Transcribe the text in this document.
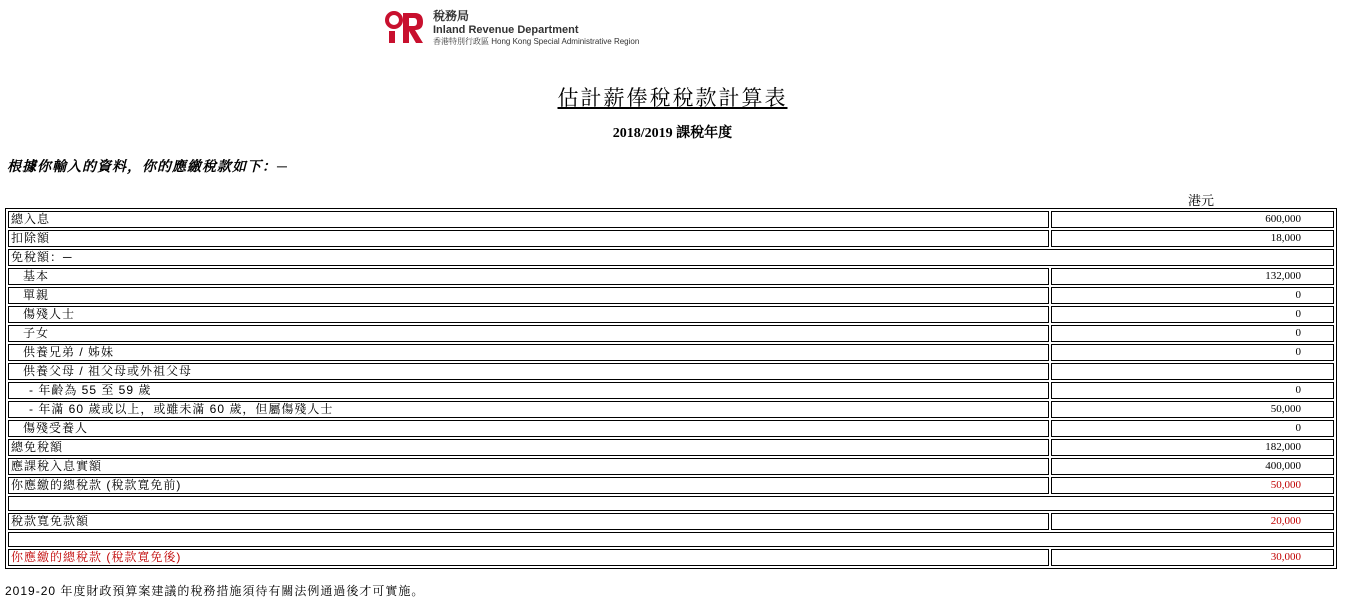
稅務局
Inland Revenue Department
香港特別行政區 Hong Kong Special Administrative Region
估計薪俸稅稅款計算表
2018/2019 課稅年度
根據你輸入的資料，你的應繳稅款如下：─
港元
總入息	600,000
扣除額	18,000
免稅額：─	
基本	132,000
單親	0
傷殘人士	0
子女	0
供養兄弟 / 姊妹	0
供養父母 / 祖父母或外祖父母	
- 年齡為 55 至 59 歲	0
- 年滿 60 歲或以上，或雖未滿 60 歲，但屬傷殘人士	50,000
傷殘受養人	0
總免稅額	182,000
應課稅入息實額	400,000
你應繳的總稅款 (稅款寬免前)	50,000

稅款寬免款額	20,000

你應繳的總稅款 (稅款寬免後)	30,000
2019-20 年度財政預算案建議的稅務措施須待有關法例通過後才可實施。
